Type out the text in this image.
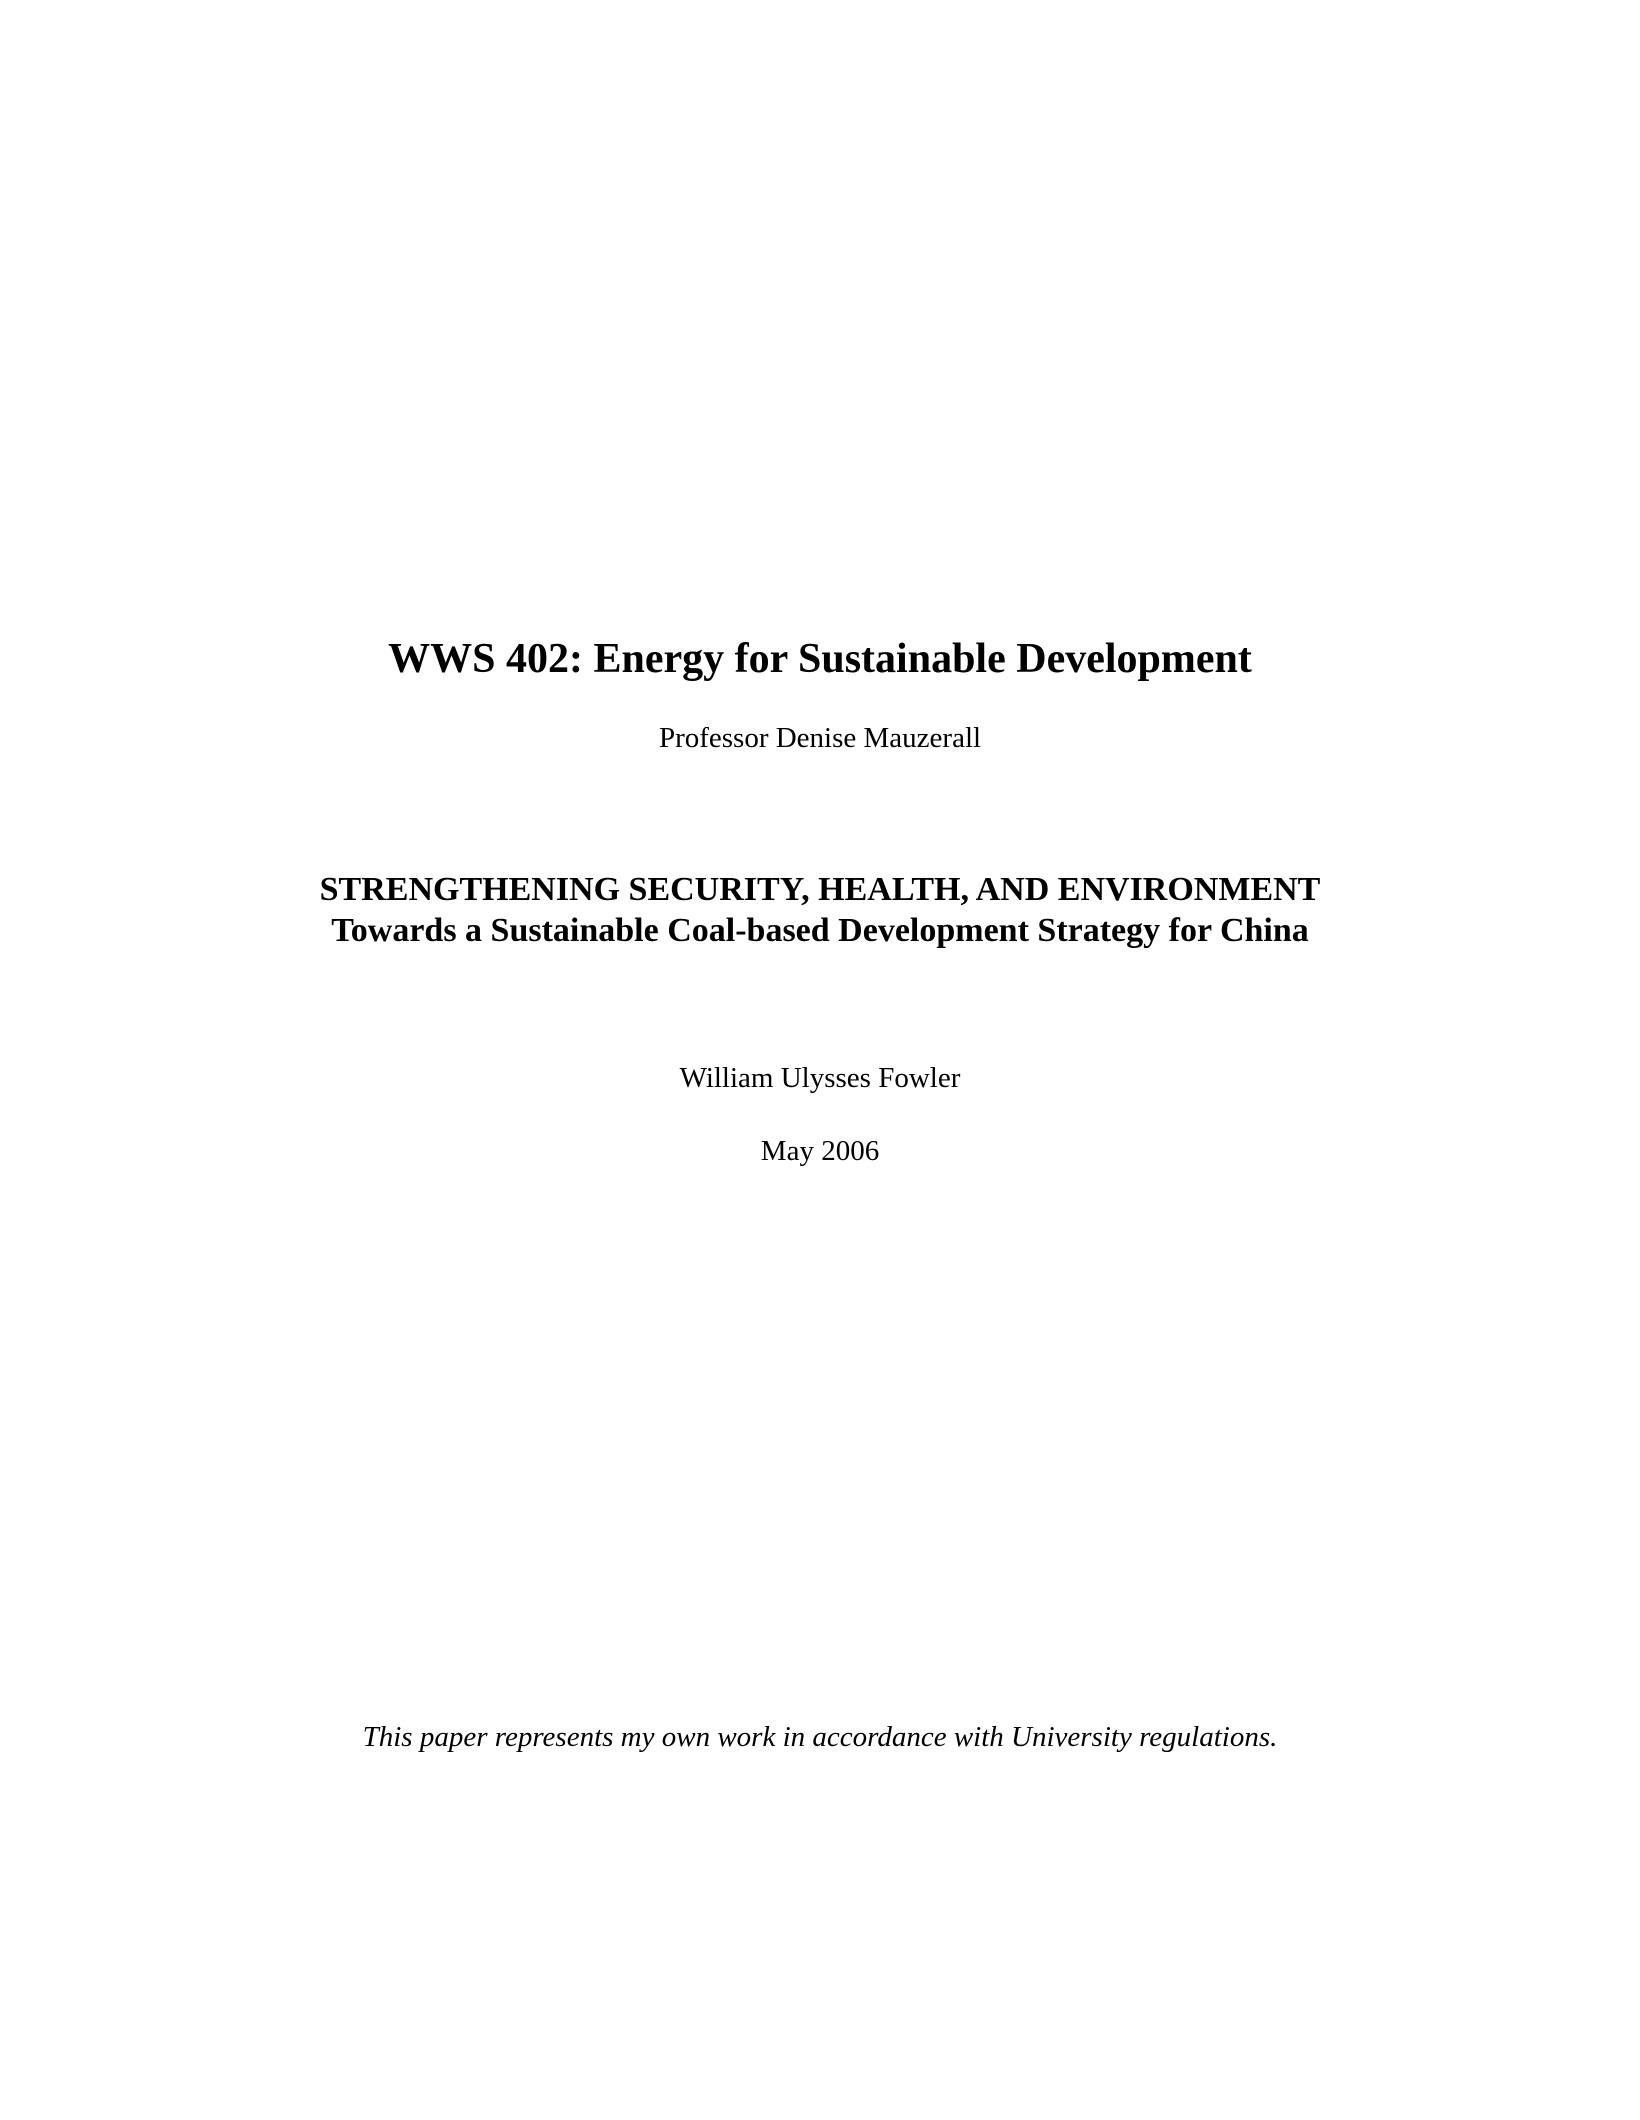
WWS 402: Energy for Sustainable Development

Professor Denise Mauzerall

STRENGTHENING SECURITY, HEALTH, AND ENVIRONMENT
Towards a Sustainable Coal-based Development Strategy for China

William Ulysses Fowler

May 2006

This paper represents my own work in accordance with University regulations.
